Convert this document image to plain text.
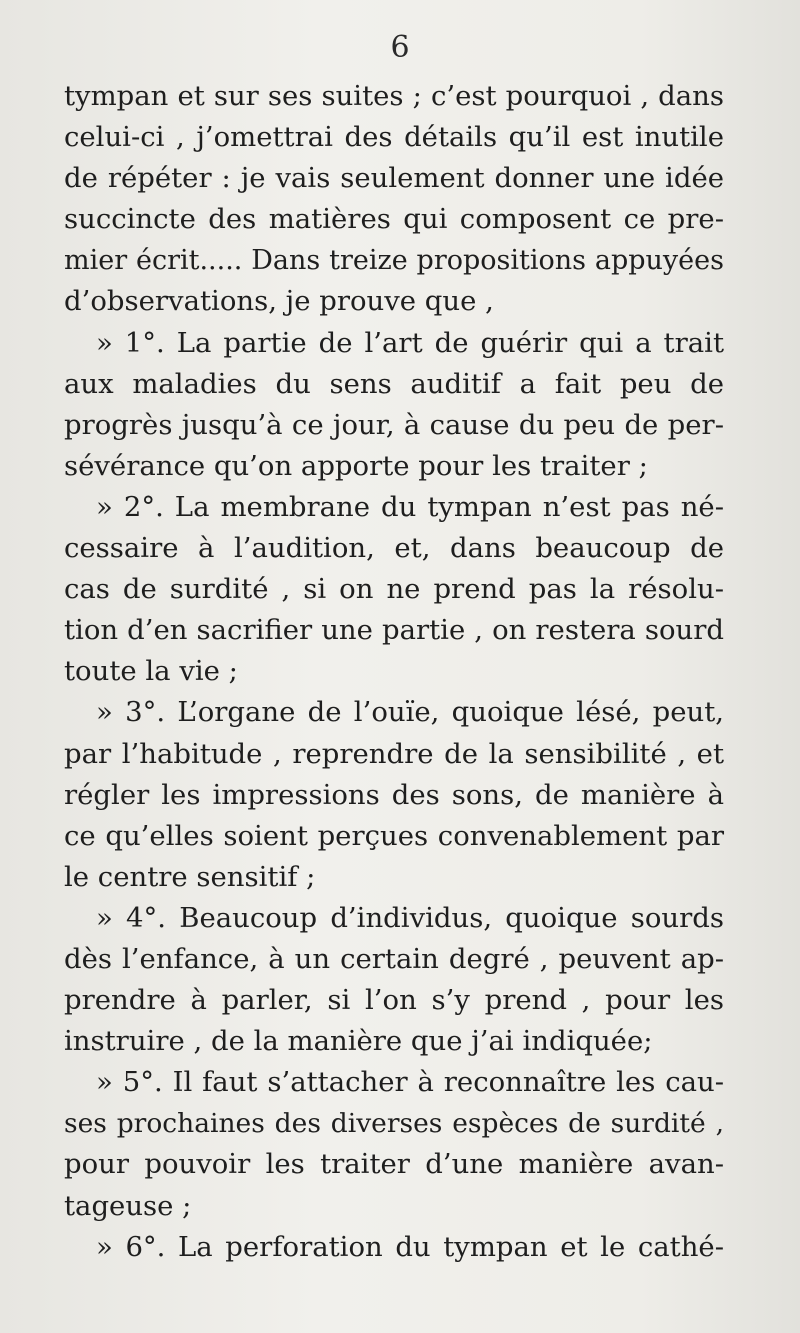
6
tympan et sur ses suites ; c’est pourquoi , dans
celui-ci , j’omettrai des détails qu’il est inutile
de répéter : je vais seulement donner une idée
succincte des matières qui composent ce pre-
mier écrit..... Dans treize propositions appuyées
d’observations, je prouve que ,
» 1°. La partie de l’art de guérir qui a trait
aux maladies du sens auditif a fait peu de
progrès jusqu’à ce jour, à cause du peu de per-
sévérance qu’on apporte pour les traiter ;
» 2°. La membrane du tympan n’est pas né-
cessaire à l’audition, et, dans beaucoup de
cas de surdité , si on ne prend pas la résolu-
tion d’en sacrifier une partie , on restera sourd
toute la vie ;
» 3°. L’organe de l’ouïe, quoique lésé, peut,
par l’habitude , reprendre de la sensibilité , et
régler les impressions des sons, de manière à
ce qu’elles soient perçues convenablement par
le centre sensitif ;
» 4°. Beaucoup d’individus, quoique sourds
dès l’enfance, à un certain degré , peuvent ap-
prendre à parler, si l’on s’y prend , pour les
instruire , de la manière que j’ai indiquée;
» 5°. Il faut s’attacher à reconnaître les cau-
ses prochaines des diverses espèces de surdité ,
pour pouvoir les traiter d’une manière avan-
tageuse ;
» 6°. La perforation du tympan et le cathé-
